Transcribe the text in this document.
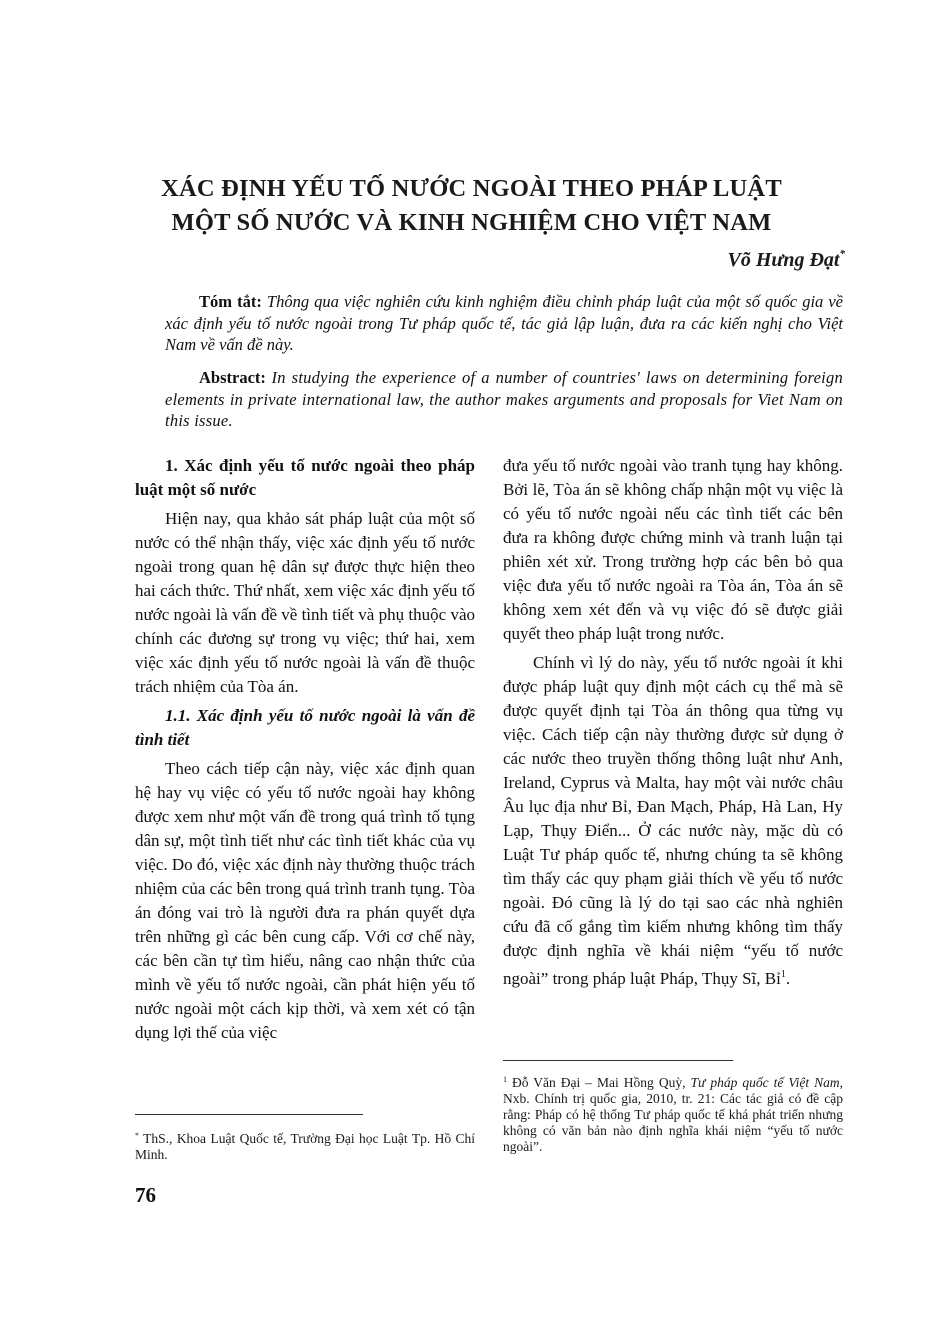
XÁC ĐỊNH YẾU TỐ NƯỚC NGOÀI THEO PHÁP LUẬT
MỘT SỐ NƯỚC VÀ KINH NGHIỆM CHO VIỆT NAM
Võ Hưng Đạt*
Tóm tắt: Thông qua việc nghiên cứu kinh nghiệm điều chỉnh pháp luật của một số quốc gia về xác định yếu tố nước ngoài trong Tư pháp quốc tế, tác giả lập luận, đưa ra các kiến nghị cho Việt Nam về vấn đề này.
Abstract: In studying the experience of a number of countries' laws on determining foreign elements in private international law, the author makes arguments and proposals for Viet Nam on this issue.
1. Xác định yếu tố nước ngoài theo pháp luật một số nước

Hiện nay, qua khảo sát pháp luật của một số nước có thể nhận thấy, việc xác định yếu tố nước ngoài trong quan hệ dân sự được thực hiện theo hai cách thức. Thứ nhất, xem việc xác định yếu tố nước ngoài là vấn đề về tình tiết và phụ thuộc vào chính các đương sự trong vụ việc; thứ hai, xem việc xác định yếu tố nước ngoài là vấn đề thuộc trách nhiệm của Tòa án.

1.1. Xác định yếu tố nước ngoài là vấn đề tình tiết

Theo cách tiếp cận này, việc xác định quan hệ hay vụ việc có yếu tố nước ngoài hay không được xem như một vấn đề trong quá trình tố tụng dân sự, một tình tiết như các tình tiết khác của vụ việc. Do đó, việc xác định này thường thuộc trách nhiệm của các bên trong quá trình tranh tụng. Tòa án đóng vai trò là người đưa ra phán quyết dựa trên những gì các bên cung cấp. Với cơ chế này, các bên cần tự tìm hiểu, nâng cao nhận thức của mình về yếu tố nước ngoài, cần phát hiện yếu tố nước ngoài một cách kịp thời, và xem xét có tận dụng lợi thế của việc

đưa yếu tố nước ngoài vào tranh tụng hay không. Bởi lẽ, Tòa án sẽ không chấp nhận một vụ việc là có yếu tố nước ngoài nếu các tình tiết các bên đưa ra không được chứng minh và tranh luận tại phiên xét xử. Trong trường hợp các bên bỏ qua việc đưa yếu tố nước ngoài ra Tòa án, Tòa án sẽ không xem xét đến và vụ việc đó sẽ được giải quyết theo pháp luật trong nước.

Chính vì lý do này, yếu tố nước ngoài ít khi được pháp luật quy định một cách cụ thể mà sẽ được quyết định tại Tòa án thông qua từng vụ việc. Cách tiếp cận này thường được sử dụng ở các nước theo truyền thống thông luật như Anh, Ireland, Cyprus và Malta, hay một vài nước châu Âu lục địa như Bỉ, Đan Mạch, Pháp, Hà Lan, Hy Lạp, Thụy Điển... Ở các nước này, mặc dù có Luật Tư pháp quốc tế, nhưng chúng ta sẽ không tìm thấy các quy phạm giải thích về yếu tố nước ngoài. Đó cũng là lý do tại sao các nhà nghiên cứu đã cố gắng tìm kiếm nhưng không tìm thấy được định nghĩa về khái niệm “yếu tố nước ngoài” trong pháp luật Pháp, Thụy Sĩ, Bỉ$^1$.

* ThS., Khoa Luật Quốc tế, Trường Đại học Luật Tp. Hồ Chí Minh.
$^1$ Đỗ Văn Đại – Mai Hồng Quỳ, Tư pháp quốc tế Việt Nam, Nxb. Chính trị quốc gia, 2010, tr. 21: Các tác giả có đề cập rằng: Pháp có hệ thống Tư pháp quốc tế khá phát triển nhưng không có văn bản nào định nghĩa khái niệm “yếu tố nước ngoài”.
76
